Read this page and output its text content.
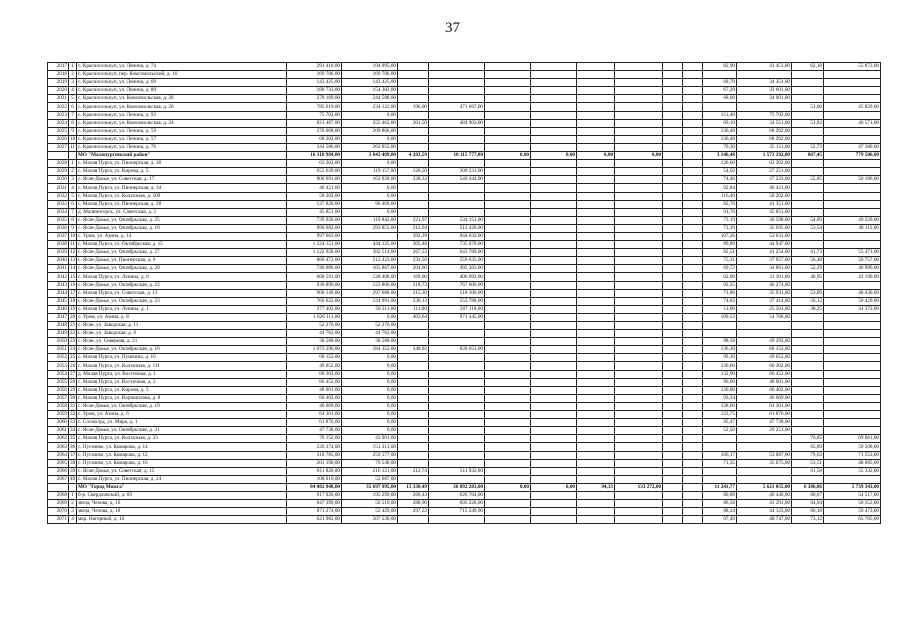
37
2017	1	с. Красноселькуп, ул. Ленина, д. 74	291 418,00	194 095,00									82,90	41 451,00	62,18	55 872,00
2018	2	с. Красноселькуп, пер. Комсомольский, д. 16	169 786,00	169 786,00												
2019	3	с. Красноселькуп, ул. Ленина, д. 69	143 425,00	143 425,00									68,70	34 351,00		
2020	4	с. Красноселькуп, ул. Ленина, д. 80	188 733,00	154 382,00									67,20	33 601,00		
2021	5	с. Красноселькуп, ул. Комсомольская, д. 28	278 189,00	244 588,00									68,00	34 001,00		
2022	6	с. Красноселькуп, ул. Комсомольская, д. 26	785 619,00	234 122,00	196,00	471 667,00									51,00	45 829,00
2023	7	с. Красноселькуп, ул. Ленина, д. 92	75 702,00	0,00									151,40	75 702,00		
2024	8	с. Красноселькуп, ул. Комсомольская, д. 24	821 487,00	255 462,00	201,50	484 903,00							69,10	34 551,00	51,83	46 571,00
2025	9	с. Красноселькуп, ул. Ленина, д. 59	278 068,00	209 866,00									136,40	68 202,00		
2026	10	с. Красноселькуп, ул. Ленина, д. 57	68 202,00	0,00									136,40	68 202,00		
2027	11	с. Красноселькуп, ул. Ленина, д. 76	344 586,00	262 055,00									70,30	35 151,00	52,73	47 380,00
		МО "Малопургинский район"	16 310 984,00	3 842 409,00	4 203,59	10 115 777,00	0,00	0,00	0,00	0,00			3 146,48	1 573 292,00	867,45	779 506,00
2028	1	с. Малая Пурга, ул. Пионерская, д. 30	63 302,00	0,00									126,60	63 302,00		
2029	2	с. Малая Пурга, ул. Кирова, д. 5	655 639,00	119 157,00	128,50	309 231,00							54,50	27 251,00		
2030	3	с. Яган-Докья, ул. Советская, д. 17	800 691,00	163 928,00	228,32	549 444,00							74,46	37 233,00	55,85	50 186,00
2031	4	с. Малая Пурга, ул. Пионерская, д. 34	46 421,00	0,00									92,84	46 421,00		
2032	5	с. Малая Пурга, ул. Колхозная, д. 109	58 202,00	0,00									116,40	58 202,00		
2033	6	с. Малая Пурга, ул. Пионерская, д. 28	137 820,00	96 469,00									82,70	41 351,00		
2034	7	д. Малиногорск, ул. Советская, д. 2	45 851,00	0,00									91,70	45 851,00		
2035	8	с. Яган-Докья, ул. Октябрьская, д. 25	739 920,00	119 842,00	221,97	534 151,00							73,19	36 598,00	54,89	49 329,00
2036	9	с. Яган-Докья, ул. Октябрьская, д. 18	890 082,00	293 855,00	212,94	512 420,00							71,39	35 695,00	53,54	48 112,00
2037	10	с. Уром, ул. Азина, д. 14	997 663,00		392,39	944 032,00							107,26	53 631,00		
2038	11	с. Малая Пурга, ул. Октябрьская, д. 15	1 224 151,00	444 125,00	305,46	735 079,00							89,89	44 947,00		
2039	12	с. Яган-Докья, ул. Октябрьская, д. 27	1 122 928,00	382 514,00	267,53	643 789,00							82,51	41 254,00	61,73	55 471,00
2040	13	с. Яган-Докья, ул. Пионерская, д. 6	860 472,00	212 423,00	232,56	559 635,00							75,31	37 657,00	56,48	50 757,00
2041	14	с. Яган-Докья, ул. Октябрьская, д. 20	740 080,00	165 867,00	204,60	492 363,00							69,72	34 861,00	52,29	46 989,00
2042	15	с. Малая Пурга, ул. Ленина, д. 8	608 591,00	128 408,00	169,00	406 692,00							62,60	31 301,00	46,95	42 190,00
2043	16	с. Яган-Докья, ул. Октябрьская, д. 22	936 890,00	122 806,00	318,73	767 000,00							92,35	46 274,00		
2044	17	с. Малая Пурга, ул. Советская, д. 13	900 149,00	297 688,00	215,30	518 100,00							71,86	35 931,00	53,89	48 430,00
2045	18	с. Яган-Докья, ул. Октябрьская, д. 23	766 622,00	124 991,00	230,13	553 788,00							74,83	37 414,00	56,12	50 429,00
2046	19	с. Малая Пурга, ул. Ленина, д. 1	377 402,00	50 311,00	111,00	267 118,00							51,00	25 501,00	38,25	34 372,00
2047	20	с. Уром, ул. Азина, д. 8	1 026 111,00	0,00	403,64	971 345,00							109,53	54 766,00		
2048	21	с. Яган, ул. Заводская, д. 11	52 276,00	52 276,00												
2049	22	с. Яган, ул. Заводская, д. 8	44 762,00	44 762,00												
2050	23	с. Яган, ул. Северная, д. 21	38 588,00	38 588,00									98,58	49 293,00		
2051	24	с. Яган-Докья, ул. Октябрьская, д. 16	1 073 296,00	184 352,00	348,92	839 651,00							136,30	68 152,00		
2052	25	с. Малая Пурга, ул. Пушкина, д. 16	68 152,00	0,00									99,30	49 652,00		
2053	26	с. Малая Пурга, ул. Колхозная, д. 111	49 652,00	0,00									120,60	60 302,00		
2054	27	д. Малая Пурга, ул. Восточная, д. 1	60 302,00	0,00									132,90	66 452,00		
2055	28	с. Малая Пурга, ул. Восточная, д. 2	66 452,00	0,00									96,00	48 001,00		
2056	29	с. Малая Пурга, ул. Кирова, д. 3	48 001,00	0,00									120,80	60 402,00		
2057	30	с. Малая Пурга, ул. Ворошилова, д. 8	60 402,00	0,00									93,34	46 669,00		
2058	31	с. Яган-Докья, ул. Октябрьская, д. 19	46 669,00	0,00									128,60	64 301,00		
2059	32	с. Уром, ул. Азина, д. 6	64 301,00	0,00									123,75	61 876,00		
2060	33	с. Сосмолуд, ул. Мира, д. 1	61 876,00	0,00									95,47	47 738,00		
2061	34	с. Яган-Докья, ул. Октябрьская, д. 21	47 738,00	0,00									52,50	26 251,00		
2062	35	с. Малая Пурга, ул. Колхозная, д. 33	70 152,00	43 901,00											76,85	69 061,00
2063	36	с. Пугачево, ул. Комарова, д. 14	220 374,00	151 313,00											65,89	59 208,00
2064	37	с. Пугачево, ул. Комарова, д. 12	318 785,00	259 577,00									106,17	53 087,00	79,63	71 553,00
2065	38	с. Пугачево, ул. Комарова, д. 16	201 190,00	76 548,00									71,35	35 675,00	53,51	48 085,00
2066	39	с. Яган-Докья, ул. Советская, д. 15	811 820,00	216 121,00	212,74	511 932,00									61,58	55 332,00
2067	40	с. Малая Пурга, ул. Пионерская, д. 24	108 019,00	52 687,00												
		МО "Город Можга"	84 082 948,00	35 697 995,00	15 330,49	36 892 283,00	0,00	0,00	94,13	133 272,00			11 241,77	5 621 055,00	6 386,86	5 739 343,00
2068	1	б-р. Свердловский, д. 69	917 926,00	195 299,00	260,43	626 764,00							80,89	40 446,00	60,67	54 517,00
2069	2	звезд. Чехова, д. 16	847 399,00	50 519,00	288,90	695 228,00							86,58	43 291,00	64,94	58 352,00
2070	3	звезд. Чехова, д. 18	871 274,00	52 429,00	297,22	715 249,00							88,24	44 123,00	66,18	59 473,00
2071	4	мкр. Нагорный, д. 10	621 982,00	507 530,00									97,49	48 747,00	73,12	65 705,00
